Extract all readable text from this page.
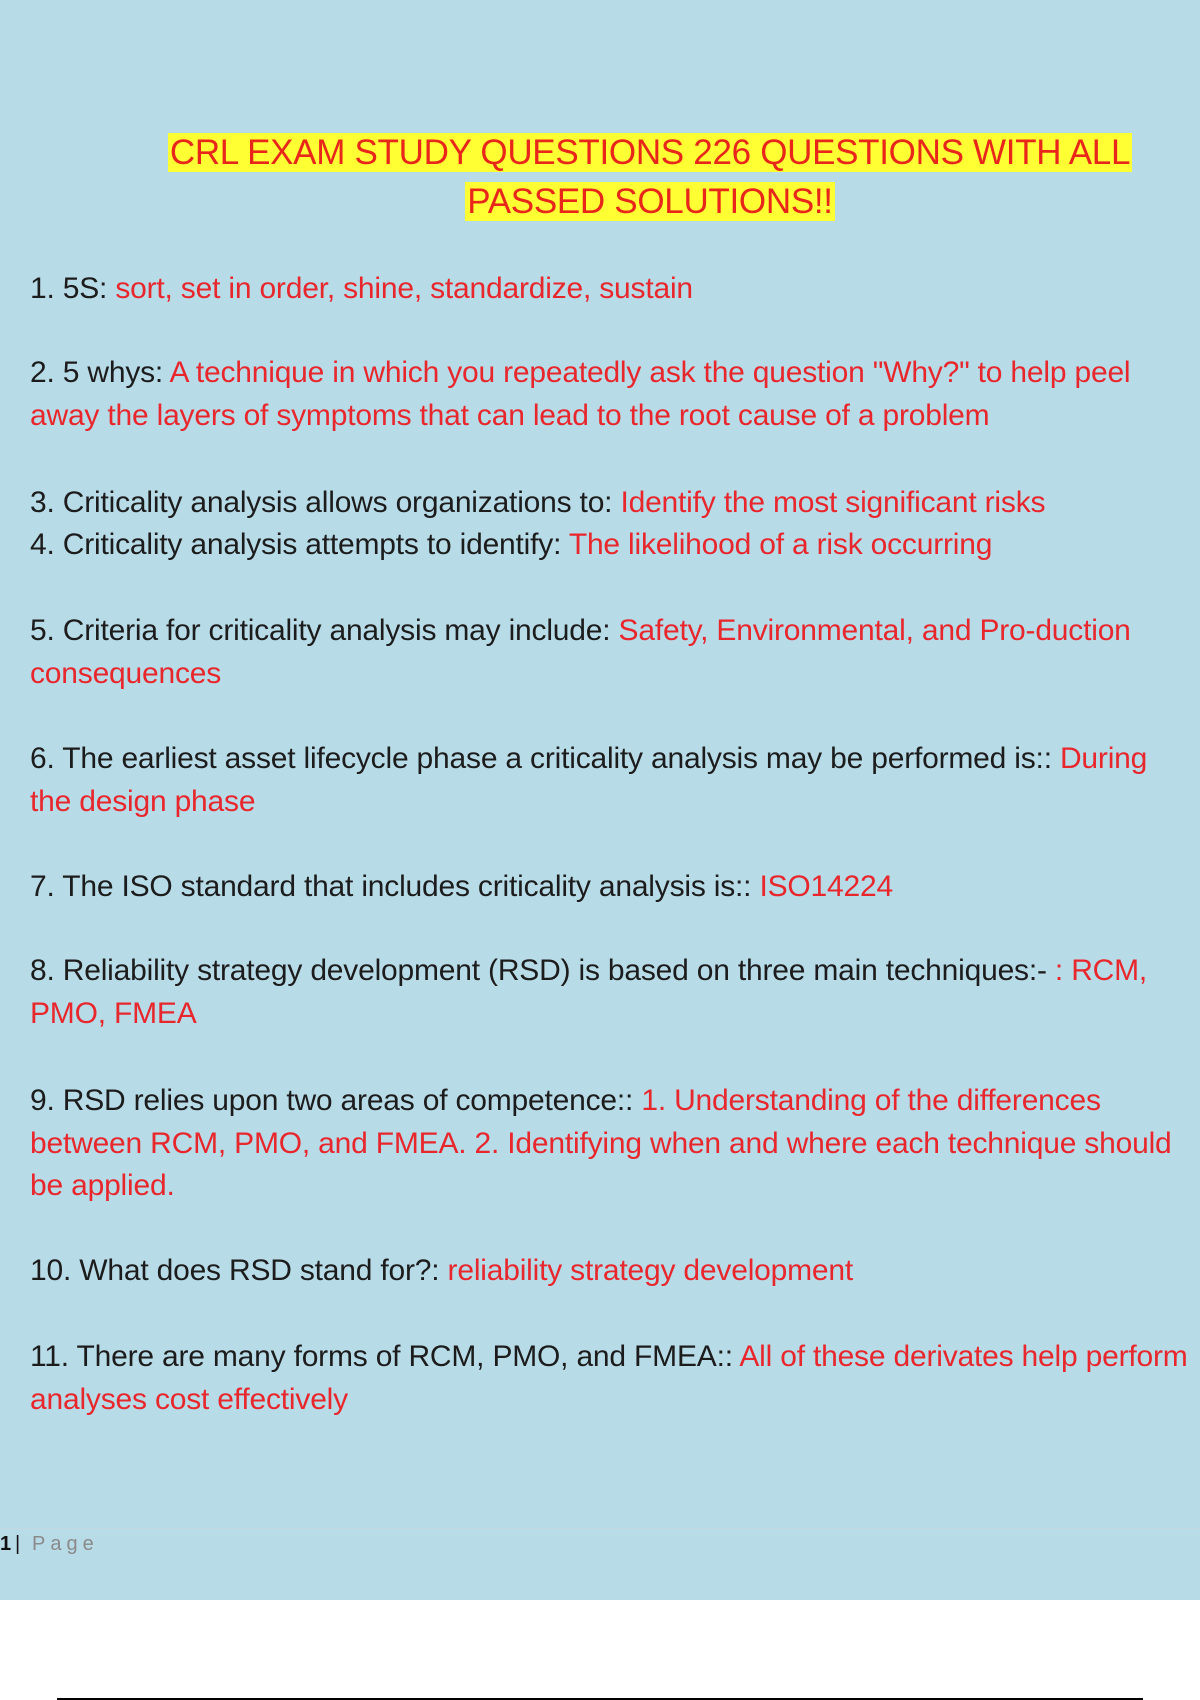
CRL EXAM STUDY QUESTIONS 226 QUESTIONS WITH ALL
PASSED SOLUTIONS!!
1. 5S: sort, set in order, shine, standardize, sustain
2. 5 whys: A technique in which you repeatedly ask the question "Why?" to help peel away the layers of symptoms that can lead to the root cause of a problem
3. Criticality analysis allows organizations to: Identify the most significant risks
4. Criticality analysis attempts to identify: The likelihood of a risk occurring
5. Criteria for criticality analysis may include: Safety, Environmental, and Pro-duction consequences
6. The earliest asset lifecycle phase a criticality analysis may be performed is:: During the design phase
7. The ISO standard that includes criticality analysis is:: ISO14224
8. Reliability strategy development (RSD) is based on three main techniques:- : RCM, PMO, FMEA
9. RSD relies upon two areas of competence:: 1. Understanding of the differences between RCM, PMO, and FMEA. 2. Identifying when and where each technique should be applied.
10. What does RSD stand for?: reliability strategy development
11. There are many forms of RCM, PMO, and FMEA:: All of these derivates help perform analyses cost effectively
1 | Page
